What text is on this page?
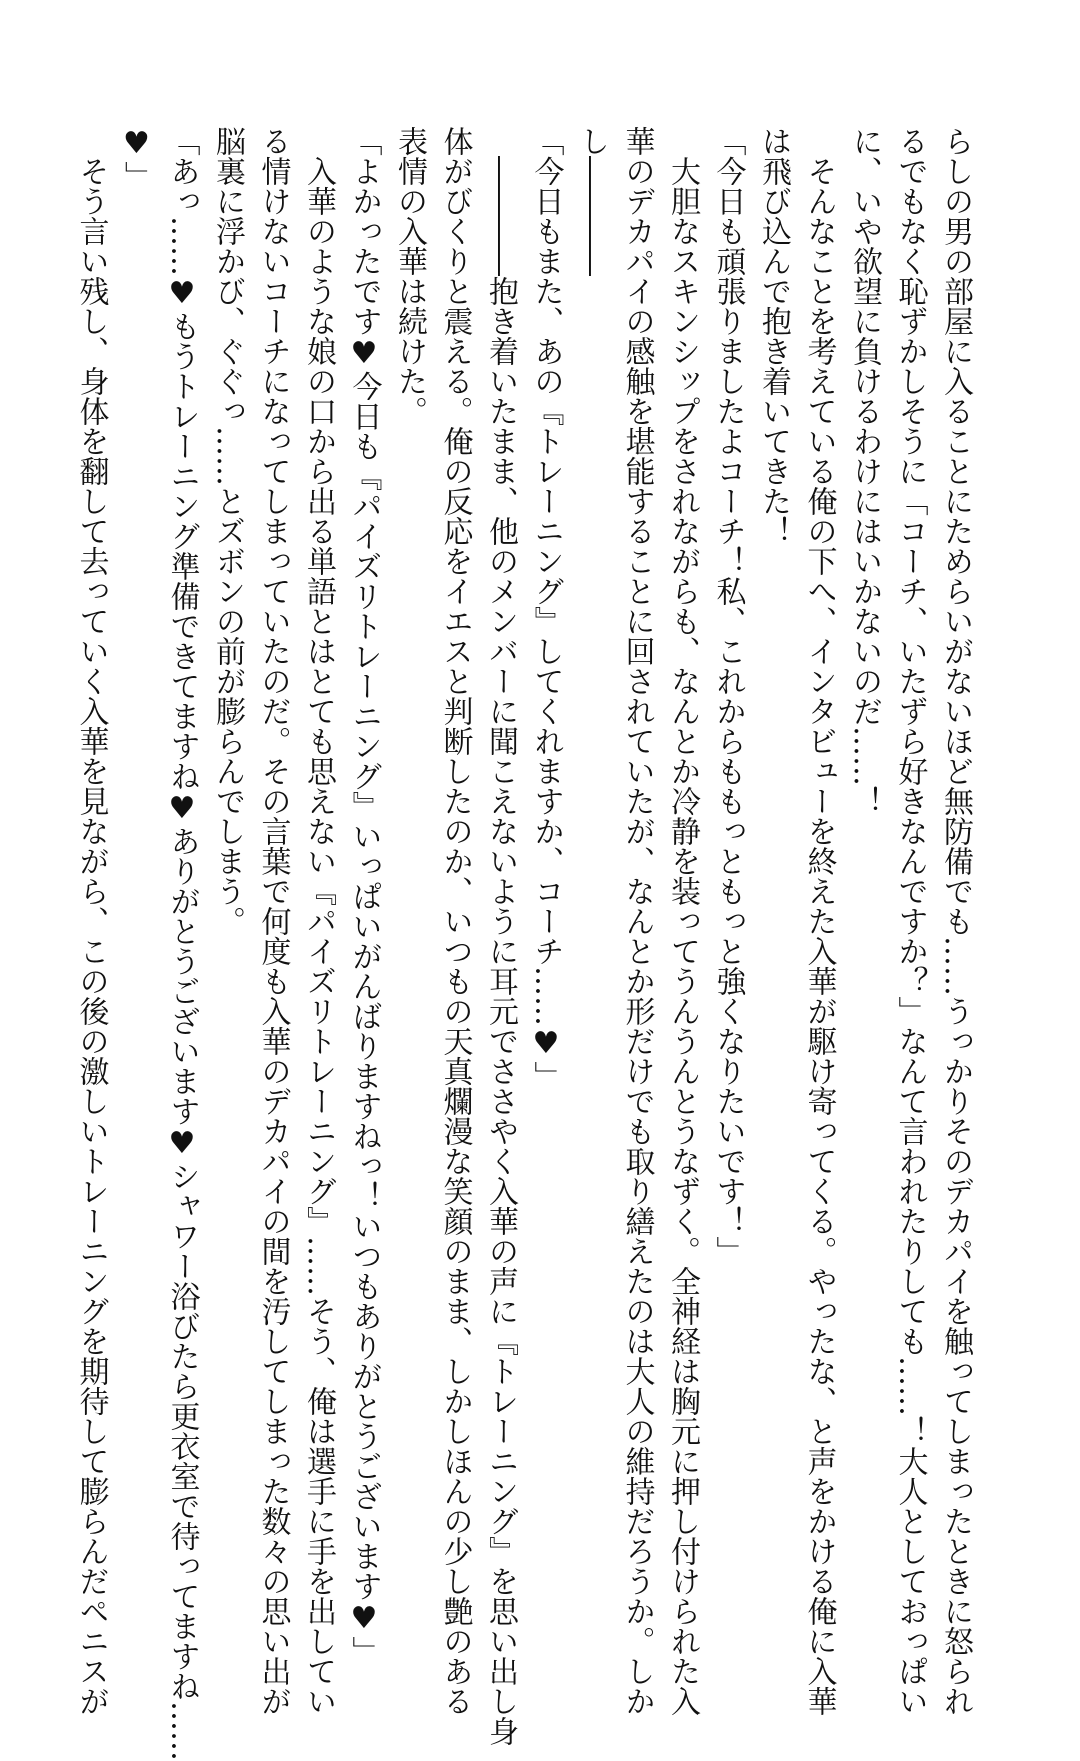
らしの男の部屋に入ることにためらいがないほど無防備でも……うっかりそのデカパイを触ってしまったときに怒られ
るでもなく恥ずかしそうに「コーチ、いたずら好きなんですか？」なんて言われたりしても……！大人としておっぱい
に、いや欲望に負けるわけにはいかないのだ……！
　そんなことを考えている俺の下へ、インタビューを終えた入華が駆け寄ってくる。やったな、と声をかける俺に入華
は飛び込んで抱き着いてきた！
「今日も頑張りましたよコーチ！私、これからももっともっと強くなりたいです！」
　大胆なスキンシップをされながらも、なんとか冷静を装ってうんうんとうなずく。全神経は胸元に押し付けられた入
華のデカパイの感触を堪能することに回されていたが、なんとか形だけでも取り繕えたのは大人の維持だろうか。しか
し――――
「今日もまた、あの『トレーニング』してくれますか、コーチ……♥」
　――――抱き着いたまま、他のメンバーに聞こえないように耳元でささやく入華の声に『トレーニング』を思い出し身
体がびくりと震える。俺の反応をイエスと判断したのか、いつもの天真爛漫な笑顔のまま、しかしほんの少し艶のある
表情の入華は続けた。
「よかったです♥今日も『パイズリトレーニング』いっぱいがんばりますねっ！いつもありがとうございます♥」
　入華のような娘の口から出る単語とはとても思えない『パイズリトレーニング』……そう、俺は選手に手を出してい
る情けないコーチになってしまっていたのだ。その言葉で何度も入華のデカパイの間を汚してしまった数々の思い出が
脳裏に浮かび、ぐぐっ……とズボンの前が膨らんでしまう。
「あっ……♥もうトレーニング準備できてますね♥ありがとうございます♥シャワー浴びたら更衣室で待ってますね……
♥」
　そう言い残し、身体を翻して去っていく入華を見ながら、この後の激しいトレーニングを期待して膨らんだペニスが
